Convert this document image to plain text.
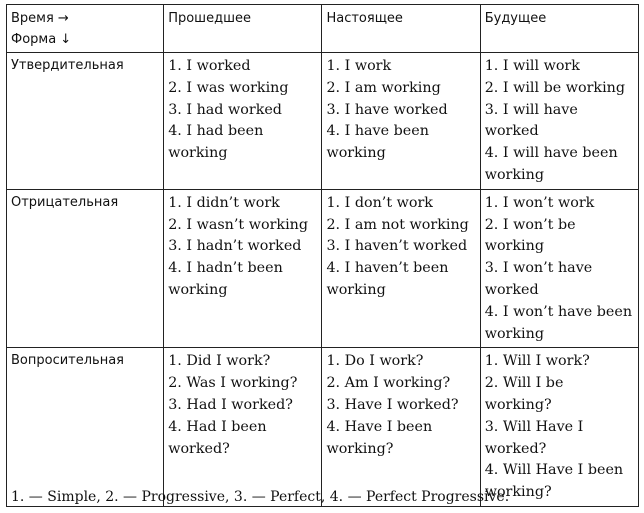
Время →
Форма ↓	Прошедшее	Настоящее	Будущее
Утвердительная	1. I worked
2. I was working
3. I had worked
4. I had been working	1. I work
2. I am working
3. I have worked
4. I have been working	1. I will work
2. I will be working
3. I will have worked
4. I will have been working

Отрицательная	1. I didn’t work
2. I wasn’t working
3. I hadn’t worked
4. I hadn’t been working	1. I don’t work
2. I am not working
3. I haven’t worked
4. I haven’t been working	1. I won’t work
2. I won’t be working
3. I won’t have worked
4. I won’t have been working

Вопросительная	1. Did I work?
2. Was I working?
3. Had I worked?
4. Had I been worked?	1. Do I work?
2. Am I working?
3. Have I worked?
4. Have I been working?	1. Will I work?
2. Will I be working?
3. Will Have I worked?
4. Will Have I been working?
1. — Simple, 2. — Progressive, 3. — Perfect, 4. — Perfect Progressive.
